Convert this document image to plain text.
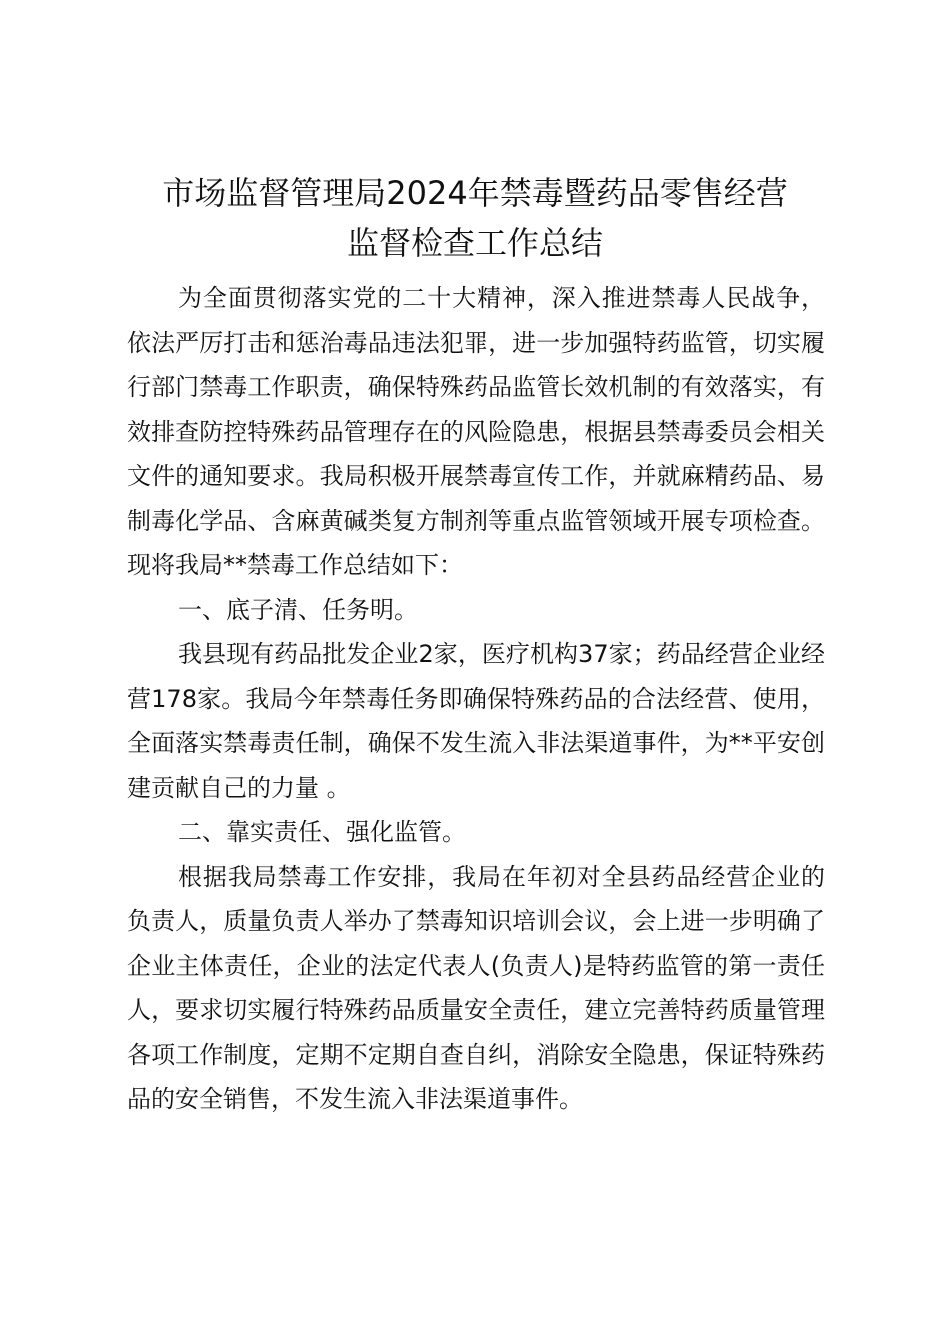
市场监督管理局2024年禁毒暨药品零售经营
监督检查工作总结

为全面贯彻落实党的二十大精神，深入推进禁毒人民战争，依法严厉打击和惩治毒品违法犯罪，进一步加强特药监管，切实履行部门禁毒工作职责，确保特殊药品监管长效机制的有效落实，有效排查防控特殊药品管理存在的风险隐患，根据县禁毒委员会相关文件的通知要求。我局积极开展禁毒宣传工作，并就麻精药品、易制毒化学品、含麻黄碱类复方制剂等重点监管领域开展专项检查。现将我局**禁毒工作总结如下：

一、底子清、任务明。

我县现有药品批发企业2家，医疗机构37家；药品经营企业经营178家。我局今年禁毒任务即确保特殊药品的合法经营、使用，全面落实禁毒责任制，确保不发生流入非法渠道事件，为**平安创建贡献自己的力量 。

二、靠实责任、强化监管。

根据我局禁毒工作安排，我局在年初对全县药品经营企业的负责人，质量负责人举办了禁毒知识培训会议，会上进一步明确了企业主体责任，企业的法定代表人(负责人)是特药监管的第一责任人，要求切实履行特殊药品质量安全责任，建立完善特药质量管理各项工作制度，定期不定期自查自纠，消除安全隐患，保证特殊药品的安全销售，不发生流入非法渠道事件。
